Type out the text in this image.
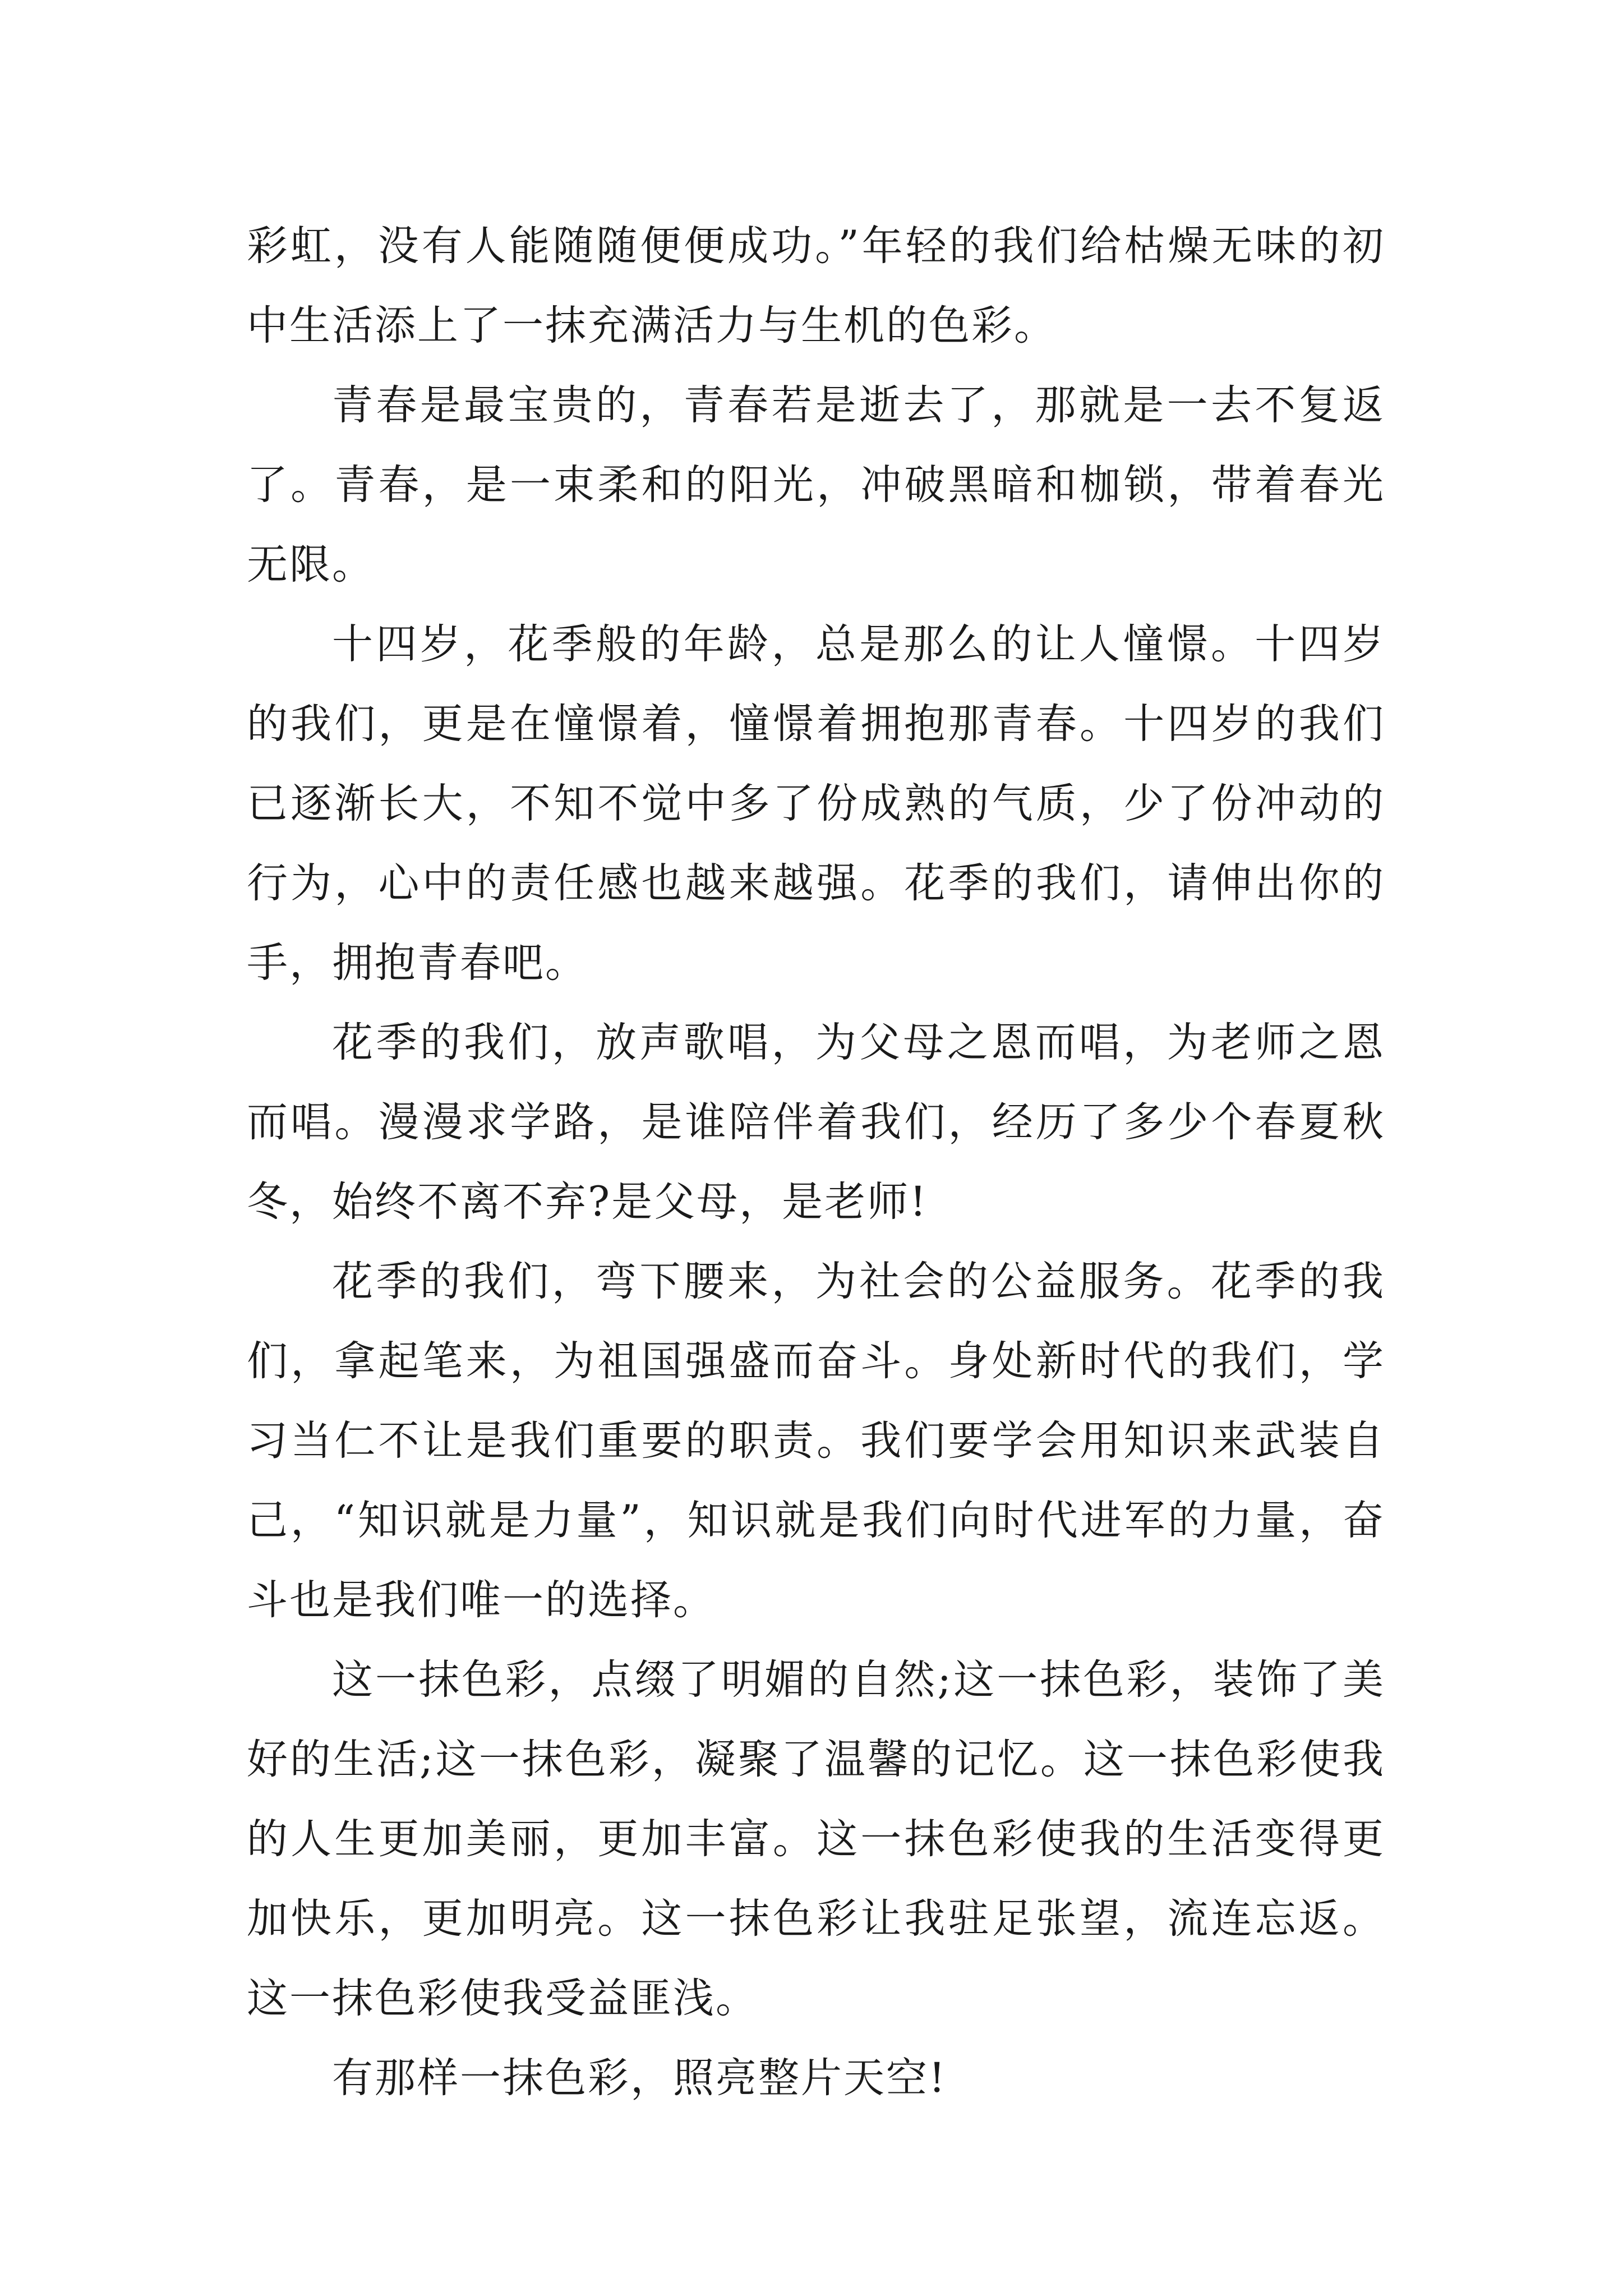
彩虹，没有人能随随便便成功。”年轻的我们给枯燥无味的初中生活添上了一抹充满活力与生机的色彩。

青春是最宝贵的，青春若是逝去了，那就是一去不复返了。青春，是一束柔和的阳光，冲破黑暗和枷锁，带着春光无限。

十四岁，花季般的年龄，总是那么的让人憧憬。十四岁的我们，更是在憧憬着，憧憬着拥抱那青春。十四岁的我们已逐渐长大，不知不觉中多了份成熟的气质，少了份冲动的行为，心中的责任感也越来越强。花季的我们，请伸出你的手，拥抱青春吧。

花季的我们，放声歌唱，为父母之恩而唱，为老师之恩而唱。漫漫求学路，是谁陪伴着我们，经历了多少个春夏秋冬，始终不离不弃?是父母，是老师!

花季的我们，弯下腰来，为社会的公益服务。花季的我们，拿起笔来，为祖国强盛而奋斗。身处新时代的我们，学习当仁不让是我们重要的职责。我们要学会用知识来武装自己，“知识就是力量”，知识就是我们向时代进军的力量，奋斗也是我们唯一的选择。

这一抹色彩，点缀了明媚的自然;这一抹色彩，装饰了美好的生活;这一抹色彩，凝聚了温馨的记忆。这一抹色彩使我的人生更加美丽，更加丰富。这一抹色彩使我的生活变得更加快乐，更加明亮。这一抹色彩让我驻足张望，流连忘返。这一抹色彩使我受益匪浅。

有那样一抹色彩，照亮整片天空!
